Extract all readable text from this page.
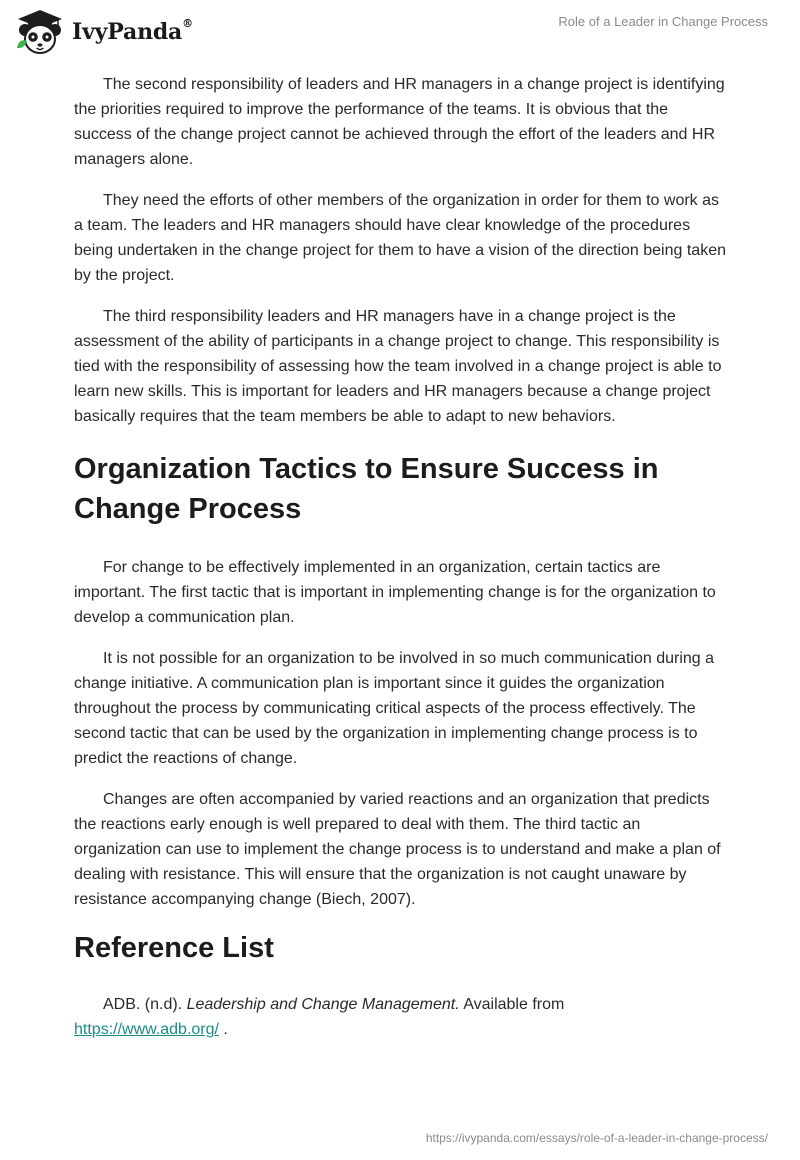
IvyPanda®	Role of a Leader in Change Process

The second responsibility of leaders and HR managers in a change project is identifying the priorities required to improve the performance of the teams. It is obvious that the success of the change project cannot be achieved through the effort of the leaders and HR managers alone.

They need the efforts of other members of the organization in order for them to work as a team. The leaders and HR managers should have clear knowledge of the procedures being undertaken in the change project for them to have a vision of the direction being taken by the project.

The third responsibility leaders and HR managers have in a change project is the assessment of the ability of participants in a change project to change. This responsibility is tied with the responsibility of assessing how the team involved in a change project is able to learn new skills. This is important for leaders and HR managers because a change project basically requires that the team members be able to adapt to new behaviors.

Organization Tactics to Ensure Success in Change Process

For change to be effectively implemented in an organization, certain tactics are important. The first tactic that is important in implementing change is for the organization to develop a communication plan.

It is not possible for an organization to be involved in so much communication during a change initiative. A communication plan is important since it guides the organization throughout the process by communicating critical aspects of the process effectively. The second tactic that can be used by the organization in implementing change process is to predict the reactions of change.

Changes are often accompanied by varied reactions and an organization that predicts the reactions early enough is well prepared to deal with them. The third tactic an organization can use to implement the change process is to understand and make a plan of dealing with resistance. This will ensure that the organization is not caught unaware by resistance accompanying change (Biech, 2007).

Reference List

ADB. (n.d). Leadership and Change Management. Available from https://www.adb.org/ .

https://ivypanda.com/essays/role-of-a-leader-in-change-process/
